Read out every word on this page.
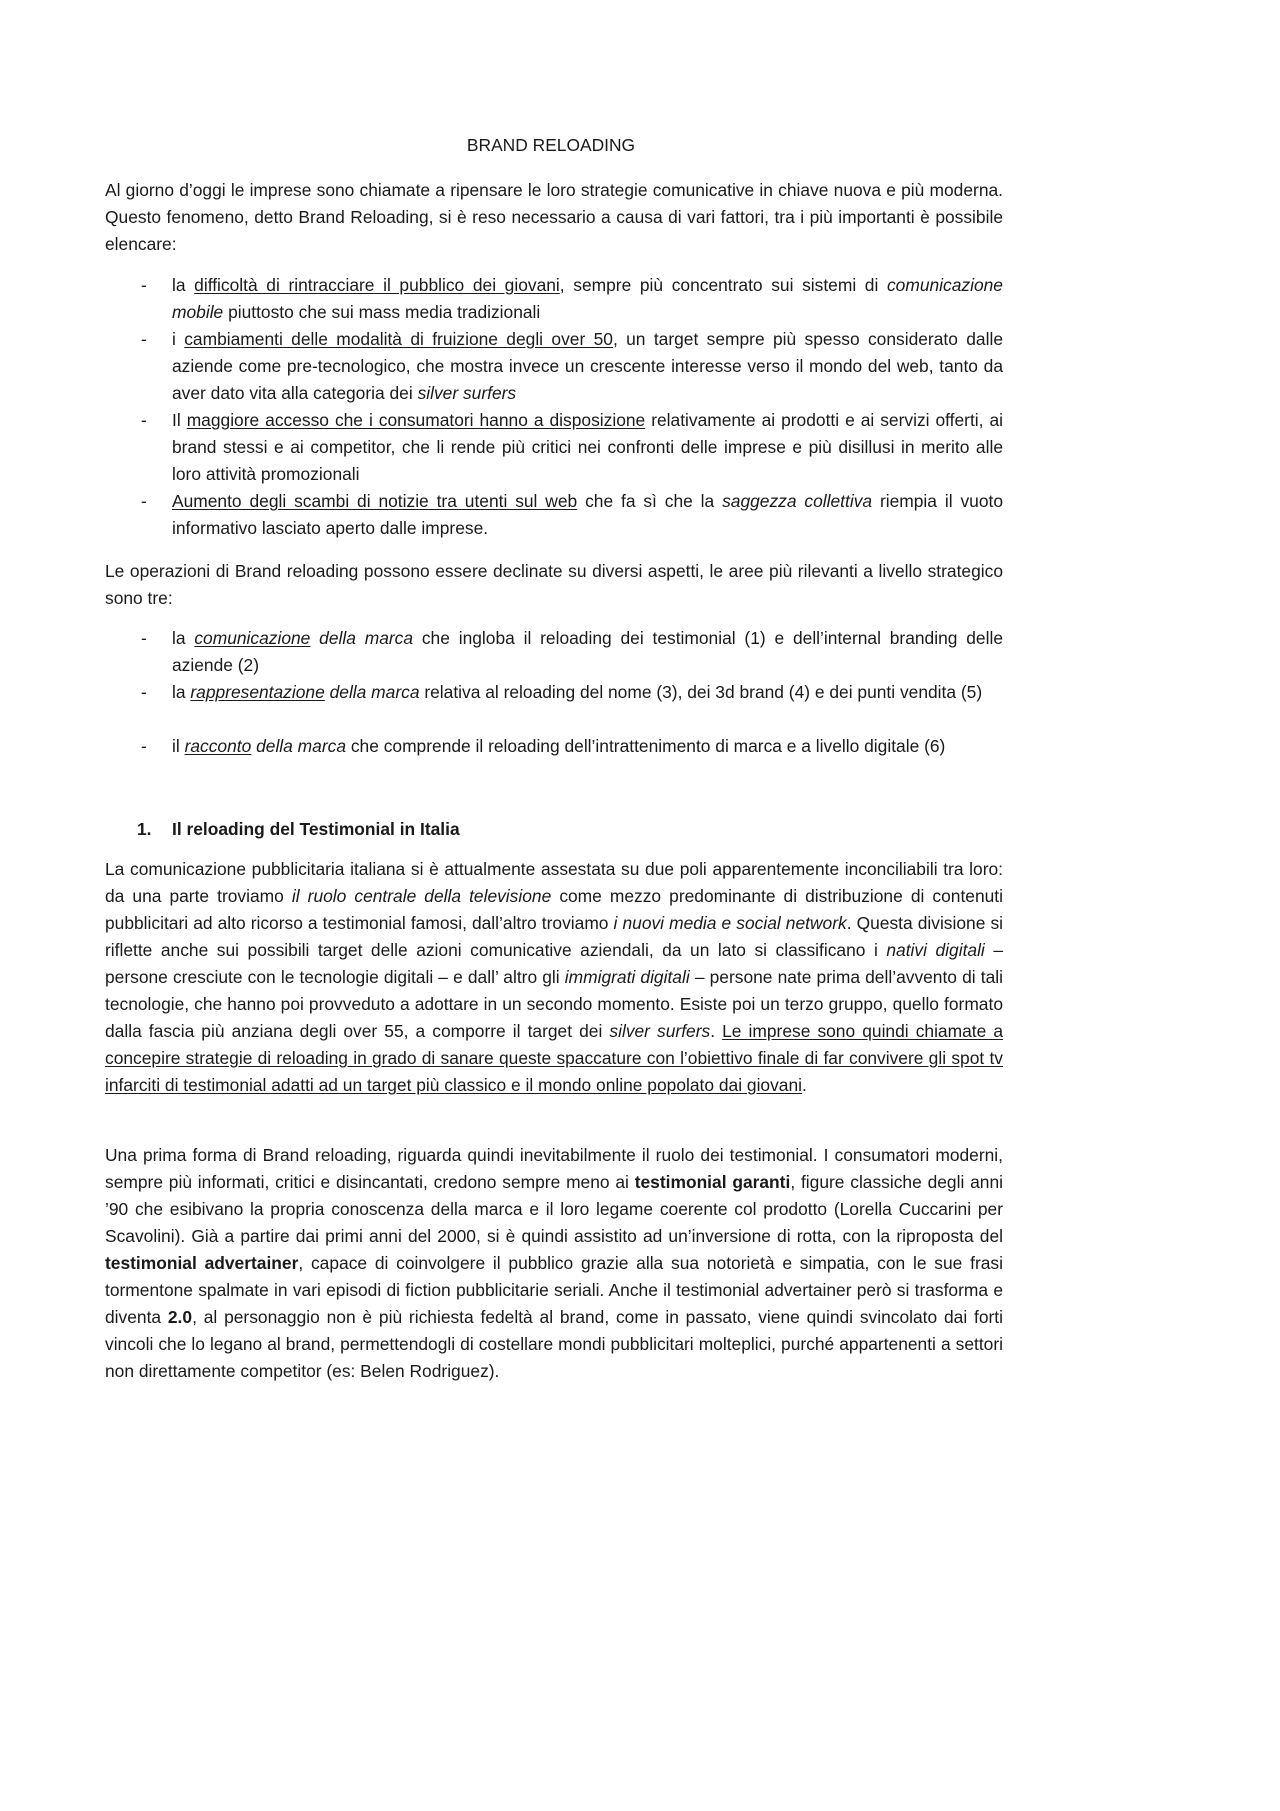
BRAND RELOADING
Al giorno d’oggi le imprese sono chiamate a ripensare le loro strategie comunicative in chiave nuova e più moderna. Questo fenomeno, detto Brand Reloading, si è reso necessario a causa di vari fattori, tra i più importanti è possibile elencare:
- la difficoltà di rintracciare il pubblico dei giovani, sempre più concentrato sui sistemi di comunicazione mobile piuttosto che sui mass media tradizionali
- i cambiamenti delle modalità di fruizione degli over 50, un target sempre più spesso considerato dalle aziende come pre-tecnologico, che mostra invece un crescente interesse verso il mondo del web, tanto da aver dato vita alla categoria dei silver surfers
- Il maggiore accesso che i consumatori hanno a disposizione relativamente ai prodotti e ai servizi offerti, ai brand stessi e ai competitor, che li rende più critici nei confronti delle imprese e più disillusi in merito alle loro attività promozionali
- Aumento degli scambi di notizie tra utenti sul web che fa sì che la saggezza collettiva riempia il vuoto informativo lasciato aperto dalle imprese.
Le operazioni di Brand reloading possono essere declinate su diversi aspetti, le aree più rilevanti a livello strategico sono tre:
- la comunicazione della marca che ingloba il reloading dei testimonial (1) e dell’internal branding delle aziende (2)
- la rappresentazione della marca relativa al reloading del nome (3), dei 3d brand (4) e dei punti vendita (5)
- il racconto della marca che comprende il reloading dell’intrattenimento di marca e a livello digitale (6)
1. Il reloading del Testimonial in Italia
La comunicazione pubblicitaria italiana si è attualmente assestata su due poli apparentemente inconciliabili tra loro: da una parte troviamo il ruolo centrale della televisione come mezzo predominante di distribuzione di contenuti pubblicitari ad alto ricorso a testimonial famosi, dall’altro troviamo i nuovi media e social network. Questa divisione si riflette anche sui possibili target delle azioni comunicative aziendali, da un lato si classificano i nativi digitali – persone cresciute con le tecnologie digitali – e dall’ altro gli immigrati digitali – persone nate prima dell’avvento di tali tecnologie, che hanno poi provveduto a adottare in un secondo momento. Esiste poi un terzo gruppo, quello formato dalla fascia più anziana degli over 55, a comporre il target dei silver surfers. Le imprese sono quindi chiamate a concepire strategie di reloading in grado di sanare queste spaccature con l’obiettivo finale di far convivere gli spot tv infarciti di testimonial adatti ad un target più classico e il mondo online popolato dai giovani.
Una prima forma di Brand reloading, riguarda quindi inevitabilmente il ruolo dei testimonial. I consumatori moderni, sempre più informati, critici e disincantati, credono sempre meno ai testimonial garanti, figure classiche degli anni ’90 che esibivano la propria conoscenza della marca e il loro legame coerente col prodotto (Lorella Cuccarini per Scavolini). Già a partire dai primi anni del 2000, si è quindi assistito ad un’inversione di rotta, con la riproposta del testimonial advertainer, capace di coinvolgere il pubblico grazie alla sua notorietà e simpatia, con le sue frasi tormentone spalmate in vari episodi di fiction pubblicitarie seriali. Anche il testimonial advertainer però si trasforma e diventa 2.0, al personaggio non è più richiesta fedeltà al brand, come in passato, viene quindi svincolato dai forti vincoli che lo legano al brand, permettendogli di costellare mondi pubblicitari molteplici, purché appartenenti a settori non direttamente competitor (es: Belen Rodriguez).
